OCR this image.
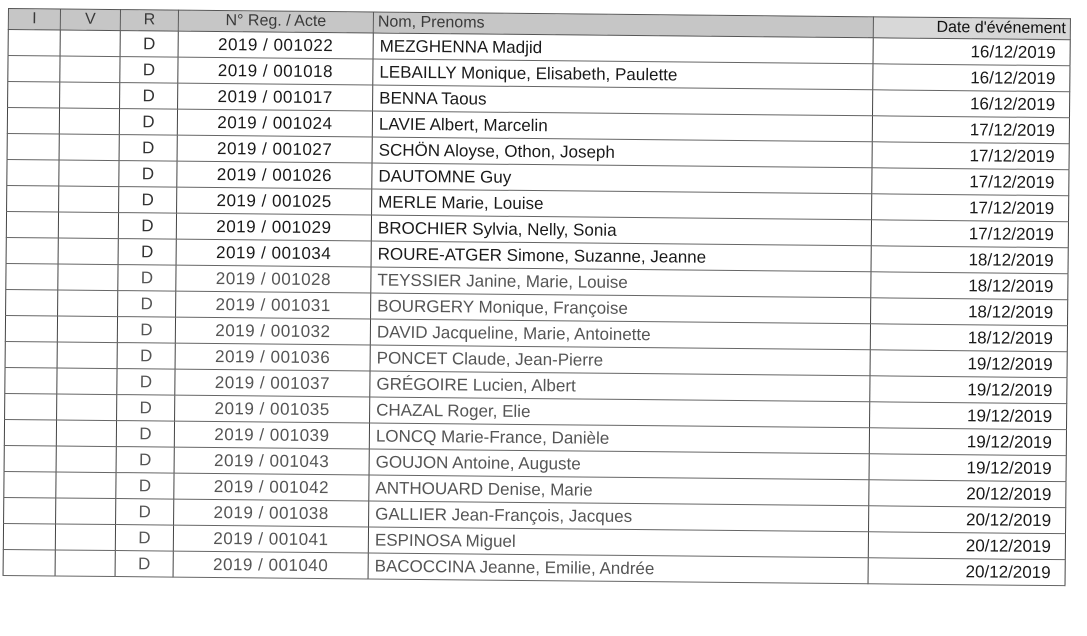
I	V	R	N° Reg. / Acte	Nom, Prenoms	Date d'événement
		D	2019 / 001022	MEZGHENNA Madjid	16/12/2019
		D	2019 / 001018	LEBAILLY Monique, Elisabeth, Paulette	16/12/2019
		D	2019 / 001017	BENNA Taous	16/12/2019
		D	2019 / 001024	LAVIE Albert, Marcelin	17/12/2019
		D	2019 / 001027	SCHÖN Aloyse, Othon, Joseph	17/12/2019
		D	2019 / 001026	DAUTOMNE Guy	17/12/2019
		D	2019 / 001025	MERLE Marie, Louise	17/12/2019
		D	2019 / 001029	BROCHIER Sylvia, Nelly, Sonia	17/12/2019
		D	2019 / 001034	ROURE-ATGER Simone, Suzanne, Jeanne	18/12/2019
		D	2019 / 001028	TEYSSIER Janine, Marie, Louise	18/12/2019
		D	2019 / 001031	BOURGERY Monique, Françoise	18/12/2019
		D	2019 / 001032	DAVID Jacqueline, Marie, Antoinette	18/12/2019
		D	2019 / 001036	PONCET Claude, Jean-Pierre	19/12/2019
		D	2019 / 001037	GRÉGOIRE Lucien, Albert	19/12/2019
		D	2019 / 001035	CHAZAL Roger, Elie	19/12/2019
		D	2019 / 001039	LONCQ Marie-France, Danièle	19/12/2019
		D	2019 / 001043	GOUJON Antoine, Auguste	19/12/2019
		D	2019 / 001042	ANTHOUARD Denise, Marie	20/12/2019
		D	2019 / 001038	GALLIER Jean-François, Jacques	20/12/2019
		D	2019 / 001041	ESPINOSA Miguel	20/12/2019
		D	2019 / 001040	BACOCCINA Jeanne, Emilie, Andrée	20/12/2019
